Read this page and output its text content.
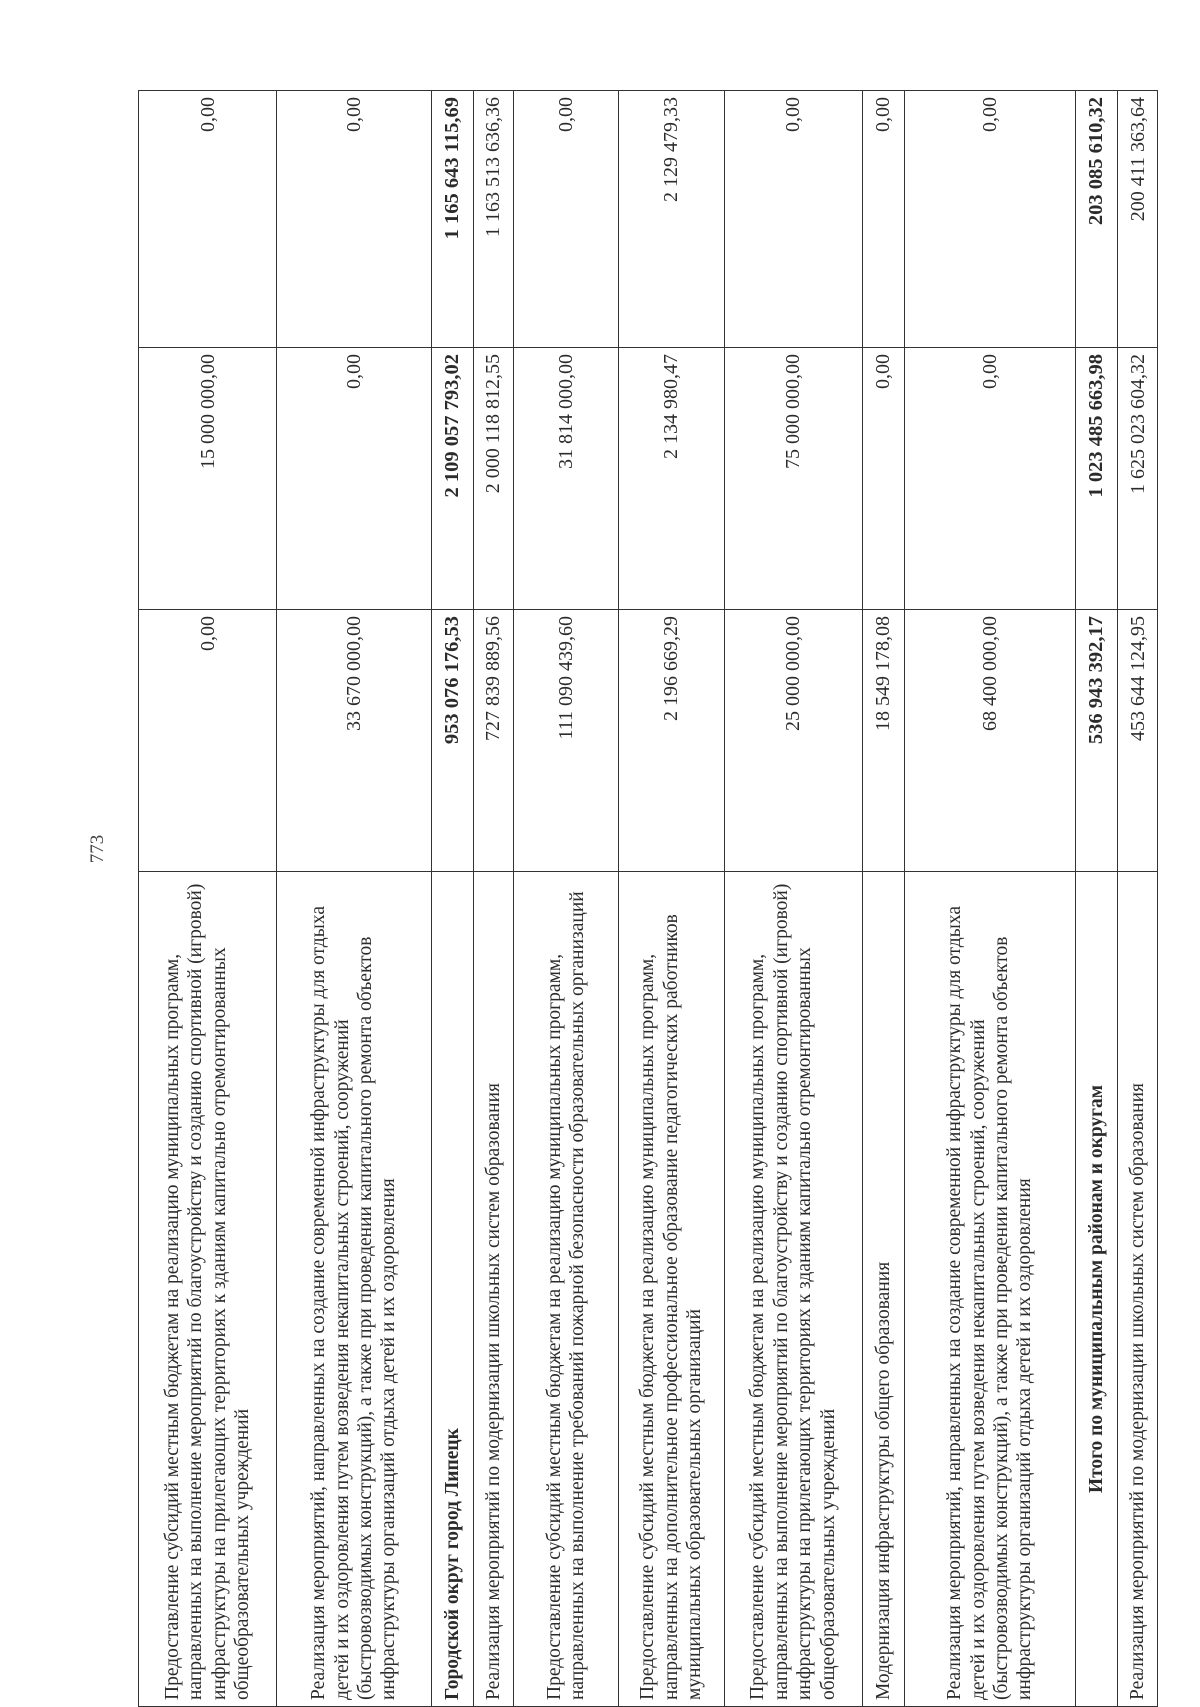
773
Предоставление субсидий местным бюджетам на реализацию муниципальных программ, направленных на выполнение мероприятий по благоустройству и созданию спортивной (игровой) инфраструктуры на прилегающих территориях к зданиям капитально отремонтированных общеобразовательных учреждений	0,00	15 000 000,00	0,00
Реализация мероприятий, направленных на создание современной инфраструктуры для отдыха детей и их оздоровления путем возведения некапитальных строений, сооружений (быстровозводимых конструкций), а также при проведении капитального ремонта объектов инфраструктуры организаций отдыха детей и их оздоровления	33 670 000,00	0,00	0,00
Городской округ город Липецк	953 076 176,53	2 109 057 793,02	1 165 643 115,69
Реализация мероприятий по модернизации школьных систем образования	727 839 889,56	2 000 118 812,55	1 163 513 636,36
Предоставление субсидий местным бюджетам на реализацию муниципальных программ, направленных на выполнение требований пожарной безопасности образовательных организаций	111 090 439,60	31 814 000,00	0,00
Предоставление субсидий местным бюджетам на реализацию муниципальных программ, направленных на дополнительное профессиональное образование педагогических работников муниципальных образовательных организаций	2 196 669,29	2 134 980,47	2 129 479,33
Предоставление субсидий местным бюджетам на реализацию муниципальных программ, направленных на выполнение мероприятий по благоустройству и созданию спортивной (игровой) инфраструктуры на прилегающих территориях к зданиям капитально отремонтированных общеобразовательных учреждений	25 000 000,00	75 000 000,00	0,00
Модернизация инфраструктуры общего образования	18 549 178,08	0,00	0,00
Реализация мероприятий, направленных на создание современной инфраструктуры для отдыха детей и их оздоровления путем возведения некапитальных строений, сооружений (быстровозводимых конструкций), а также при проведении капитального ремонта объектов инфраструктуры организаций отдыха детей и их оздоровления	68 400 000,00	0,00	0,00
Итого по муниципальным районам и округам	536 943 392,17	1 023 485 663,98	203 085 610,32
Реализация мероприятий по модернизации школьных систем образования	453 644 124,95	1 625 023 604,32	200 411 363,64
